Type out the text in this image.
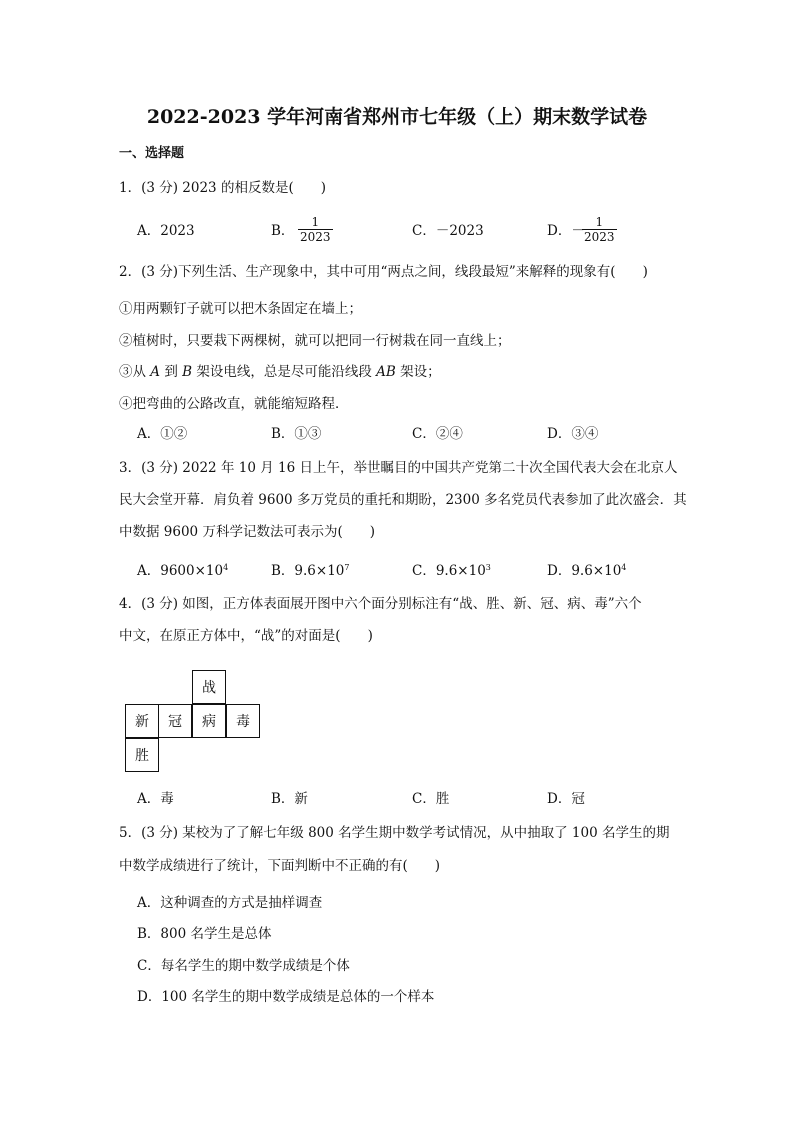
2022-2023 学年河南省郑州市七年级（上）期末数学试卷
一、选择题
1．(3 分) 2023 的相反数是(　　)
A．2023	B． $\frac{1}{2023}$	C．－2023	D．－
$\frac{1}{2023}$
2．(3 分)下列生活、生产现象中，其中可用“两点之间，线段最短”来解释的现象有(　　)
①用两颗钉子就可以把木条固定在墙上；
②植树时，只要栽下两棵树，就可以把同一行树栽在同一直线上；
③从 A 到 B 架设电线，总是尽可能沿线段 AB 架设；
④把弯曲的公路改直，就能缩短路程．
A．①②	B．①③	C．②④	D．③④
3．(3 分) 2022 年 10 月 16 日上午，举世瞩目的中国共产党第二十次全国代表大会在北京人
民大会堂开幕．肩负着 9600 多万党员的重托和期盼，2300 多名党员代表参加了此次盛会．其
中数据 9600 万科学记数法可表示为(　　)
A．$9600\times 10^4$	B．$9.6\times 10^7$	C．$9.6\times 10^3$	D．$9.6\times 10^4$
4．(3 分) 如图，正方体表面展开图中六个面分别标注有“战、胜、新、冠、病、毒”六个
中文，在原正方体中，“战”的对面是(　　)
战
新	冠	病	毒
胜
A．毒	B．新	C．胜	D．冠
5．(3 分) 某校为了了解七年级 800 名学生期中数学考试情况，从中抽取了 100 名学生的期
中数学成绩进行了统计，下面判断中不正确的有(　　)
A．这种调查的方式是抽样调查
B．800 名学生是总体
C．每名学生的期中数学成绩是个体
D．100 名学生的期中数学成绩是总体的一个样本
